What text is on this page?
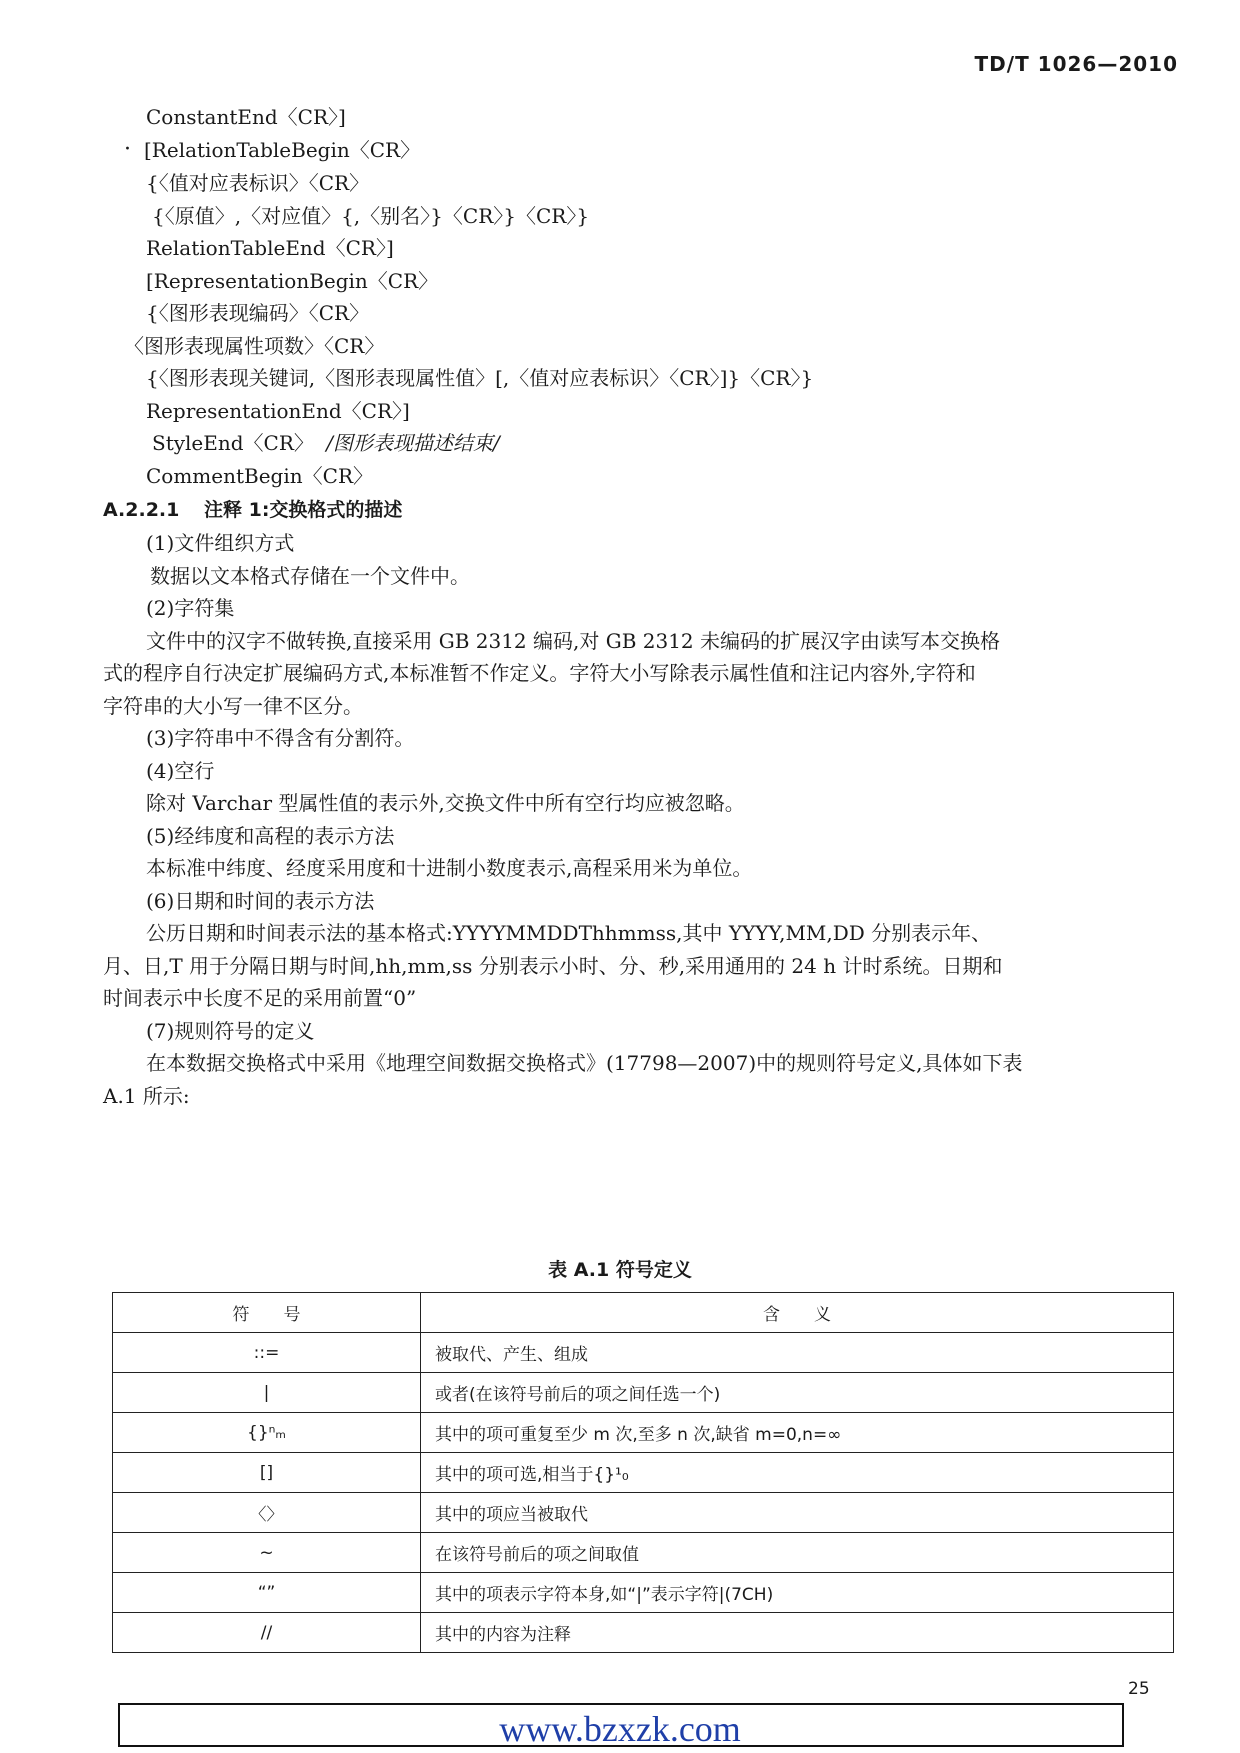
TD/T 1026—2010
ConstantEnd〈CR〉]
· [RelationTableBegin〈CR〉
{〈值对应表标识〉〈CR〉
{〈原值〉,〈对应值〉{,〈别名〉}〈CR〉}〈CR〉}
RelationTableEnd〈CR〉]
[RepresentationBegin〈CR〉
{〈图形表现编码〉〈CR〉
〈图形表现属性项数〉〈CR〉
{〈图形表现关键词,〈图形表现属性值〉[,〈值对应表标识〉〈CR〉]}〈CR〉}
RepresentationEnd〈CR〉]
StyleEnd〈CR〉 /图形表现描述结束/
CommentBegin〈CR〉
A.2.2.1 注释 1:交换格式的描述
(1)文件组织方式
数据以文本格式存储在一个文件中。
(2)字符集
文件中的汉字不做转换,直接采用 GB 2312 编码,对 GB 2312 未编码的扩展汉字由读写本交换格
式的程序自行决定扩展编码方式,本标准暂不作定义。字符大小写除表示属性值和注记内容外,字符和
字符串的大小写一律不区分。
(3)字符串中不得含有分割符。
(4)空行
除对 Varchar 型属性值的表示外,交换文件中所有空行均应被忽略。
(5)经纬度和高程的表示方法
本标准中纬度、经度采用度和十进制小数度表示,高程采用米为单位。
(6)日期和时间的表示方法
公历日期和时间表示法的基本格式:YYYYMMDDThhmmss,其中 YYYY,MM,DD 分别表示年、
月、日,T 用于分隔日期与时间,hh,mm,ss 分别表示小时、分、秒,采用通用的 24 h 计时系统。日期和
时间表示中长度不足的采用前置“0”
(7)规则符号的定义
在本数据交换格式中采用《地理空间数据交换格式》(17798—2007)中的规则符号定义,具体如下表
A.1 所示:
表 A.1 符号定义
符　　号	含　　义
::=	被取代、产生、组成
|	或者(在该符号前后的项之间任选一个)
{}ⁿₘ	其中的项可重复至少 m 次,至多 n 次,缺省 m=0,n=∞
[]	其中的项可选,相当于{}¹₀
〈〉	其中的项应当被取代
~	在该符号前后的项之间取值
“”	其中的项表示字符本身,如“|”表示字符|(7CH)
//	其中的内容为注释
25
www.bzxzk.com
